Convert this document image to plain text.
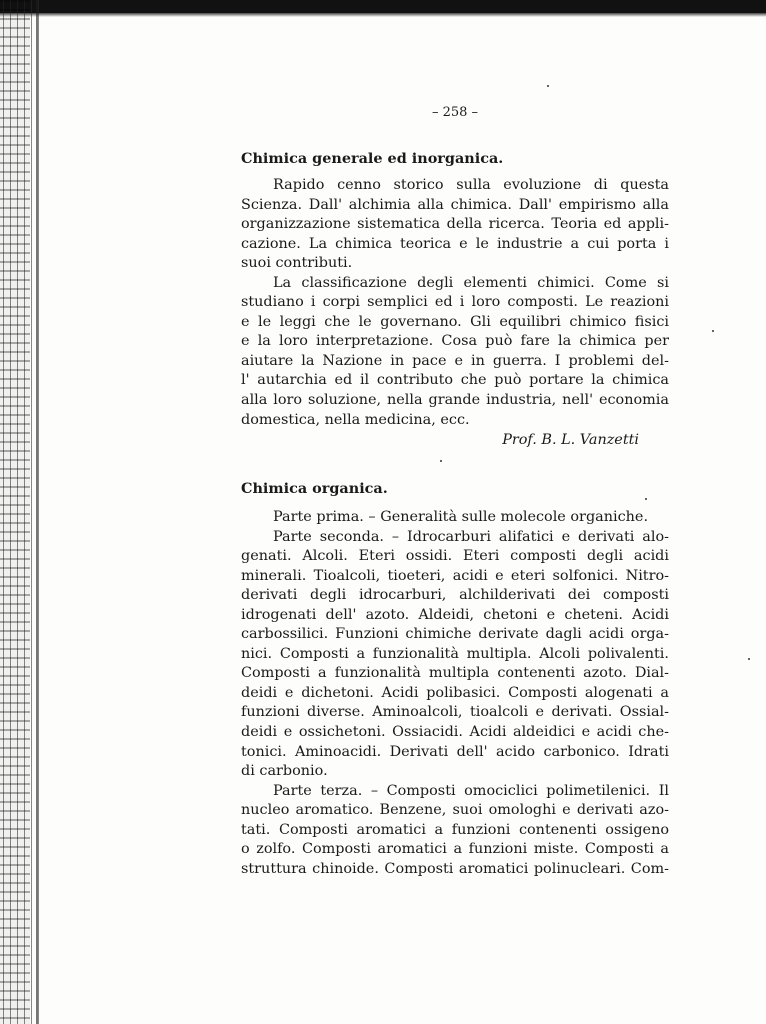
– 258 –
Chimica generale ed inorganica.
Rapido cenno storico sulla evoluzione di questa
Scienza. Dall' alchimia alla chimica. Dall' empirismo alla
organizzazione sistematica della ricerca. Teoria ed appli-
cazione. La chimica teorica e le industrie a cui porta i
suoi contributi.
La classificazione degli elementi chimici. Come si
studiano i corpi semplici ed i loro composti. Le reazioni
e le leggi che le governano. Gli equilibri chimico fisici
e la loro interpretazione. Cosa può fare la chimica per
aiutare la Nazione in pace e in guerra. I problemi del-
l' autarchia ed il contributo che può portare la chimica
alla loro soluzione, nella grande industria, nell' economia
domestica, nella medicina, ecc.
Prof. B. L. Vanzetti
Chimica organica.
Parte prima. – Generalità sulle molecole organiche.
Parte seconda. – Idrocarburi alifatici e derivati alo-
genati. Alcoli. Eteri ossidi. Eteri composti degli acidi
minerali. Tioalcoli, tioeteri, acidi e eteri solfonici. Nitro-
derivati degli idrocarburi, alchilderivati dei composti
idrogenati dell' azoto. Aldeidi, chetoni e cheteni. Acidi
carbossilici. Funzioni chimiche derivate dagli acidi orga-
nici. Composti a funzionalità multipla. Alcoli polivalenti.
Composti a funzionalità multipla contenenti azoto. Dial-
deidi e dichetoni. Acidi polibasici. Composti alogenati a
funzioni diverse. Aminoalcoli, tioalcoli e derivati. Ossial-
deidi e ossichetoni. Ossiacidi. Acidi aldeidici e acidi che-
tonici. Aminoacidi. Derivati dell' acido carbonico. Idrati
di carbonio.
Parte terza. – Composti omociclici polimetilenici. Il
nucleo aromatico. Benzene, suoi omologhi e derivati azo-
tati. Composti aromatici a funzioni contenenti ossigeno
o zolfo. Composti aromatici a funzioni miste. Composti a
struttura chinoide. Composti aromatici polinucleari. Com-
